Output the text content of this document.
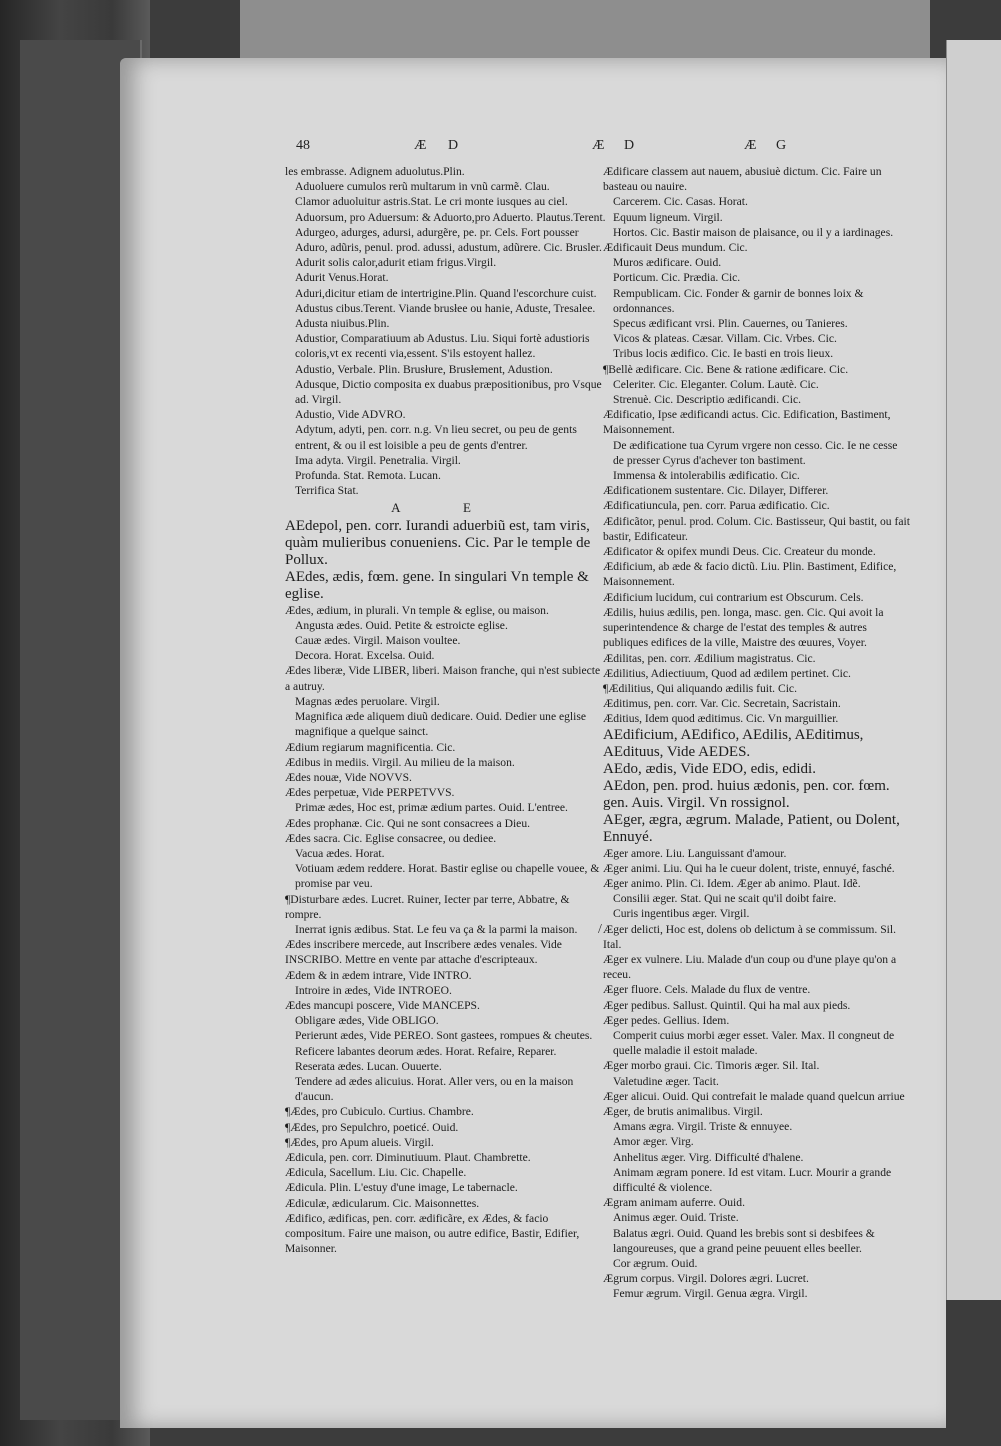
48	Æ D	Æ D	Æ G

les embrasse. Adignem aduolutus.Plin.

Aduoluere cumulos rerũ multarum in vnũ carmẽ. Clau.

Clamor aduoluitur astris.Stat. Le cri monte iusques au ciel.

Aduorsum, pro Aduersum: & Aduorto,pro Aduerto. Plautus.Terent.

Adurgeo, adurges, adursi, adurgẽre, pe. pr. Cels. Fort pousser

Aduro, adũris, penul. prod. adussi, adustum, adũrere. Cic. Brusler.

Adurit solis calor,adurit etiam frigus.Virgil.

Adurit Venus.Horat.

Aduri,dicitur etiam de intertrigine.Plin. Quand l'escorchure cuist.

Adustus cibus.Terent. Viande brusłee ou hanie, Aduste, Tresalee.

Adusta niuibus.Plin.

Adustior, Comparatiuum ab Adustus. Liu. Siqui fortè adustioris coloris,vt ex recenti via,essent. S'ils estoyent hallez.

Adustio, Verbale. Plin. Brusłure, Brusłement, Adustion.

Adusque, Dictio composita ex duabus præpositionibus, pro Vsque ad. Virgil.

Adustio, Vide ADVRO.

Adytum, adyti, pen. corr. n.g. Vn lieu secret, ou peu de gents entrent, & ou il est loisible a peu de gents d'entrer.

Ima adyta. Virgil. Penetralia. Virgil.

Profunda. Stat. Remota. Lucan.

Terrifica Stat.

A E

AEdepol, pen. corr. Iurandi aduerbiũ est, tam viris, quàm mulieribus conueniens. Cic. Par le temple de Pollux.

AEdes, ædis, fœm. gene. In singulari Vn temple & eglise.

Ædes, ædium, in plurali. Vn temple & eglise, ou maison.

Angusta ædes. Ouid. Petite & estroicte eglise.

Cauæ ædes. Virgil. Maison voultee.

Decora. Horat. Excelsa. Ouid.

Ædes liberæ, Vide LIBER, liberi. Maison franche, qui n'est subiecte a autruy.

Magnas ædes peruolare. Virgil.

Magnifica æde aliquem diuũ dedicare. Ouid. Dedier une eglise magnifique a quelque sainct.

Ædium regiarum magnificentia. Cic.

Ædibus in mediis. Virgil. Au milieu de la maison.

Ædes nouæ, Vide NOVVS.

Ædes perpetuæ, Vide PERPETVVS.

Primæ ædes, Hoc est, primæ ædium partes. Ouid. L'entree.

Ædes prophanæ. Cic. Qui ne sont consacrees a Dieu.

Ædes sacra. Cic. Eglise consacree, ou dediee.

Vacua ædes. Horat.

Votiuam ædem reddere. Horat. Bastir eglise ou chapelle vouee, & promise par veu.

¶Disturbare ædes. Lucret. Ruiner, Iecter par terre, Abbatre, & rompre.

Inerrat ignis ædibus. Stat. Le feu va ça & la parmi la maison.

Ædes inscribere mercede, aut Inscribere ædes venales. Vide INSCRIBO. Mettre en vente par attache d'escripteaux.

Ædem & in ædem intrare, Vide INTRO.

Introire in ædes, Vide INTROEO.

Ædes mancupi poscere, Vide MANCEPS.

Obligare ædes, Vide OBLIGO.

Perierunt ædes, Vide PEREO. Sont gastees, rompues & cheutes.

Reficere labantes deorum ædes. Horat. Refaire, Reparer.

Reserata ædes. Lucan. Ouuerte.

Tendere ad ædes alicuius. Horat. Aller vers, ou en la maison d'aucun.

¶Ædes, pro Cubiculo. Curtius. Chambre.

¶Ædes, pro Sepulchro, poeticé. Ouid.

¶Ædes, pro Apum alueis. Virgil.

Ædicula, pen. corr. Diminutiuum. Plaut. Chambrette.

Ædicula, Sacellum. Liu. Cic. Chapelle.

Ædicula. Plin. L'estuy d'une image, Le tabernacle.

Ædiculæ, ædicularum. Cic. Maisonnettes.

Ædifico, ædificas, pen. corr. ædificãre, ex Ædes, & facio compositum. Faire une maison, ou autre edifice, Bastir, Edifier, Maisonner.

Ædificare classem aut nauem, abusiuè dictum. Cic. Faire un basteau ou nauire.

Carcerem. Cic. Casas. Horat.

Equum ligneum. Virgil.

Hortos. Cic. Bastir maison de plaisance, ou il y a iardinages.

Ædificauit Deus mundum. Cic.

Muros ædificare. Ouid.

Porticum. Cic. Prædia. Cic.

Rempublicam. Cic. Fonder & garnir de bonnes loix & ordonnances.

Specus ædificant vrsi. Plin. Cauernes, ou Tanieres.

Vicos & plateas. Cæsar. Villam. Cic. Vrbes. Cic.

Tribus locis ædifico. Cic. Ie basti en trois lieux.

¶Bellè ædificare. Cic. Bene & ratione ædificare. Cic.

Celeriter. Cic. Eleganter. Colum. Lautè. Cic.

Strenuè. Cic. Descriptio ædificandi. Cic.

Ædificatio, Ipse ædificandi actus. Cic. Edification, Bastiment, Maisonnement.

De ædificatione tua Cyrum vrgere non cesso. Cic. Ie ne cesse de presser Cyrus d'achever ton bastiment.

Immensa & intolerabilis ædificatio. Cic.

Ædificationem sustentare. Cic. Dilayer, Differer.

Ædificatiuncula, pen. corr. Parua ædificatio. Cic.

Ædificãtor, penul. prod. Colum. Cic. Bastisseur, Qui bastit, ou fait bastir, Edificateur.

Ædificator & opifex mundi Deus. Cic. Createur du monde.

Ædificium, ab æde & facio dictũ. Liu. Plin. Bastiment, Edifice, Maisonnement.

Ædificium lucidum, cui contrarium est Obscurum. Cels.

Ædilis, huius ædilis, pen. longa, masc. gen. Cic. Qui avoit la superintendence & charge de l'estat des temples & autres publiques edifices de la ville, Maistre des œuures, Voyer.

Ædilitas, pen. corr. Ædilium magistratus. Cic.

Ædilitius, Adiectiuum, Quod ad ædilem pertinet. Cic.

¶Ædilitius, Qui aliquando ædilis fuit. Cic.

Æditimus, pen. corr. Var. Cic. Secretain, Sacristain.

Æditius, Idem quod æditimus. Cic. Vn marguillier.

AEdificium, AEdifico, AEdilis, AEditimus, AEdituus, Vide AEDES.

AEdo, ædis, Vide EDO, edis, edidi.

AEdon, pen. prod. huius ædonis, pen. cor. fœm. gen. Auis. Virgil. Vn rossignol.

AEger, ægra, ægrum. Malade, Patient, ou Dolent, Ennuyé.

Æger amore. Liu. Languissant d'amour.

Æger animi. Liu. Qui ha le cueur dolent, triste, ennuyé, fasché.

Æger animo. Plin. Ci. Idem. Æger ab animo. Plaut. Idẽ.

Consilii æger. Stat. Qui ne scait qu'il doibt faire.

Curis ingentibus æger. Virgil.

Æger delicti, Hoc est, dolens ob delictum à se commissum. Sil. Ital.

Æger ex vulnere. Liu. Malade d'un coup ou d'une playe qu'on a receu.

Æger fluore. Cels. Malade du flux de ventre.

Æger pedibus. Sallust. Quintil. Qui ha mal aux pieds.

Æger pedes. Gellius. Idem.

Comperit cuius morbi æger esset. Valer. Max. Il congneut de quelle maladie il estoit malade.

Æger morbo graui. Cic. Timoris æger. Sil. Ital.

Valetudine æger. Tacit.

Æger alicui. Ouid. Qui contrefait le malade quand quelcun arriue

Æger, de brutis animalibus. Virgil.

Amans ægra. Virgil. Triste & ennuyee.

Amor æger. Virg.

Anhelitus æger. Virg. Difficulté d'halene.

Animam ægram ponere. Id est vitam. Lucr. Mourir a grande difficulté & violence.

Ægram animam auferre. Ouid.

Animus æger. Ouid. Triste.

Balatus ægri. Ouid. Quand les brebis sont si desbifees & langoureuses, que a grand peine peuuent elles beeller.

Cor ægrum. Ouid.

Ægrum corpus. Virgil. Dolores ægri. Lucret.

Femur ægrum. Virgil. Genua ægra. Virgil.

/
